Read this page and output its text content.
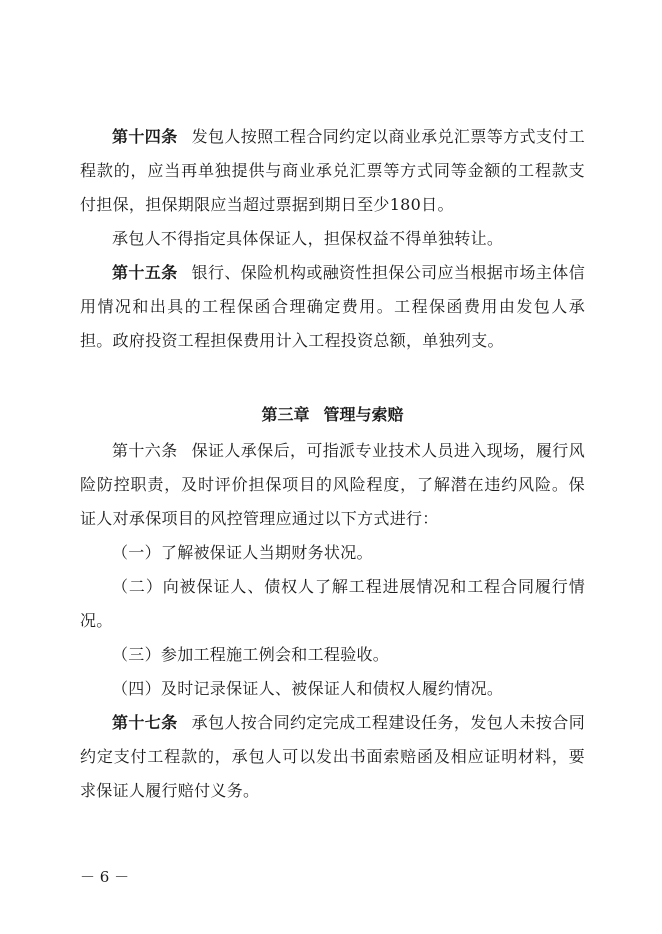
第十四条 发包人按照工程合同约定以商业承兑汇票等方式支付工程款的，应当再单独提供与商业承兑汇票等方式同等金额的工程款支付担保，担保期限应当超过票据到期日至少180日。

承包人不得指定具体保证人，担保权益不得单独转让。

第十五条 银行、保险机构或融资性担保公司应当根据市场主体信用情况和出具的工程保函合理确定费用。工程保函费用由发包人承担。政府投资工程担保费用计入工程投资总额，单独列支。

第三章 管理与索赔

第十六条 保证人承保后，可指派专业技术人员进入现场，履行风险防控职责，及时评价担保项目的风险程度，了解潜在违约风险。保证人对承保项目的风控管理应通过以下方式进行：

（一）了解被保证人当期财务状况。

（二）向被保证人、债权人了解工程进展情况和工程合同履行情况。

（三）参加工程施工例会和工程验收。

（四）及时记录保证人、被保证人和债权人履约情况。

第十七条 承包人按合同约定完成工程建设任务，发包人未按合同约定支付工程款的，承包人可以发出书面索赔函及相应证明材料，要求保证人履行赔付义务。

－ 6 －
